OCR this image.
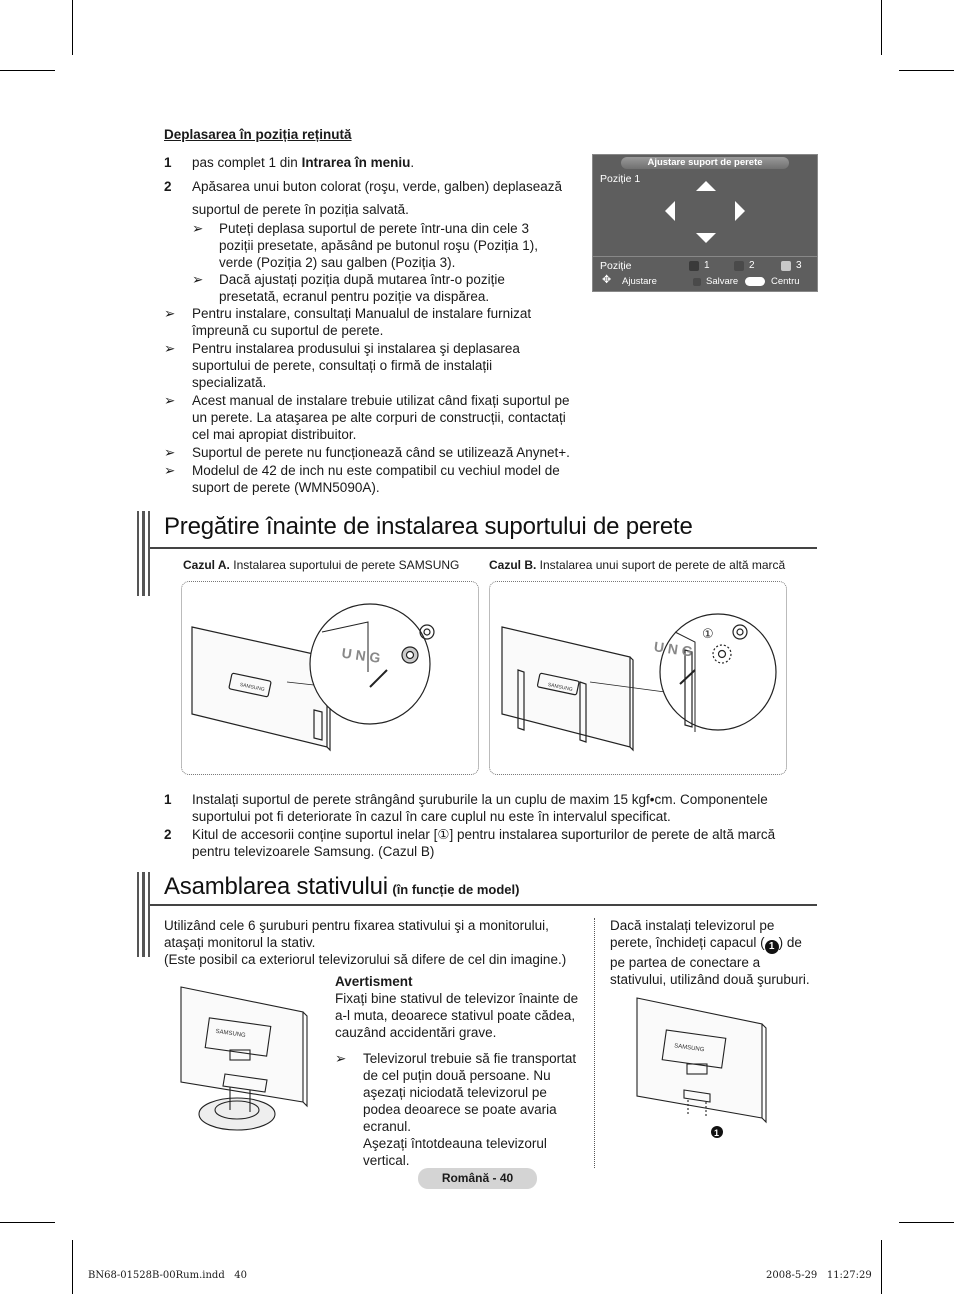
Deplasarea în poziția reținută
1 pas complet 1 din Intrarea în meniu.
2 Apăsarea unui buton colorat (roşu, verde, galben) deplasează
suportul de perete în poziția salvată.
➢ Puteți deplasa suportul de perete într-una din cele 3 poziții presetate, apăsând pe butonul roşu (Poziția 1), verde (Poziția 2) sau galben (Poziția 3).
➢ Dacă ajustați poziția după mutarea într-o poziție presetată, ecranul pentru poziție va dispărea.
➢ Pentru instalare, consultați Manualul de instalare furnizat împreună cu suportul de perete.
➢ Pentru instalarea produsului şi instalarea şi deplasarea suportului de perete, consultați o firmă de instalații specializată.
➢ Acest manual de instalare trebuie utilizat când fixați suportul pe un perete. La ataşarea pe alte corpuri de construcții, contactați cel mai apropiat distribuitor.
➢ Suportul de perete nu funcționează când se utilizează Anynet+.
➢ Modelul de 42 de inch nu este compatibil cu vechiul model de suport de perete (WMN5090A).
Ajustare suport de perete
Poziție 1
Poziție	1	2	3
✥ Ajustare	Salvare	Centru
Pregătire înainte de instalarea suportului de perete
Cazul A. Instalarea suportului de perete SAMSUNG Cazul B. Instalarea unui suport de perete de altă marcă
U N G
SAMSUNG
U N G
SAMSUNG
①
1 Instalați suportul de perete strângând şuruburile la un cuplu de maxim 15 kgf•cm. Componentele suportului pot fi deteriorate în cazul în care cuplul nu este în intervalul specificat.
2 Kitul de accesorii conține suportul inelar [①] pentru instalarea suporturilor de perete de altă marcă pentru televizoarele Samsung. (Cazul B)
Asamblarea stativului (în funcție de model)
Utilizând cele 6 şuruburi pentru fixarea stativului şi a monitorului, ataşați monitorul la stativ.
(Este posibil ca exteriorul televizorului să difere de cel din imagine.)
SAMSUNG
Avertisment
Fixați bine stativul de televizor înainte de a-l muta, deoarece stativul poate cădea, cauzând accidentări grave.
➢ Televizorul trebuie să fie transportat de cel puțin două persoane. Nu aşezați niciodată televizorul pe podea deoarece se poate avaria ecranul.
Aşezați întotdeauna televizorul vertical.
Dacă instalați televizorul pe perete, închideți capacul ( 1 ) de pe partea de conectare a stativului, utilizând două şuruburi.
SAMSUNG
1
Română - 40
BN68-01528B-00Rum.indd   40	2008-5-29   11:27:29
